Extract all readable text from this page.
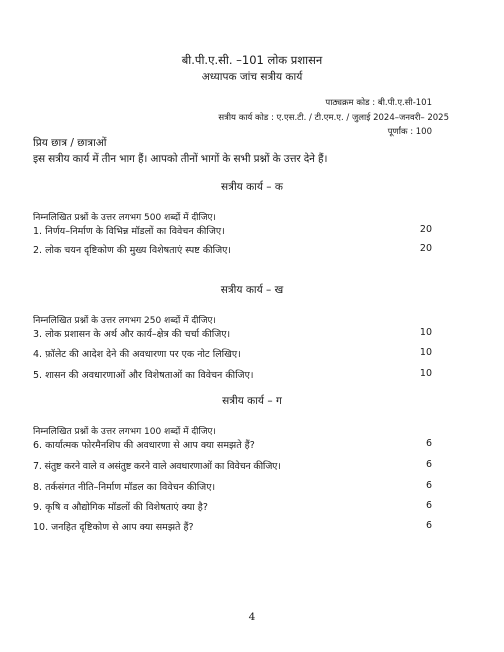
बी.पी.ए.सी. –101 लोक प्रशासन
अध्यापक जांच सत्रीय कार्य
पाठ्यक्रम कोड : बी.पी.ए.सी-101
सत्रीय कार्य कोड : ए.एस.टी. / टी.एम.ए. / जुलाई 2024–जनवरी– 2025
पूर्णांक : 100
प्रिय छात्र / छात्राओं
इस सत्रीय कार्य में तीन भाग हैं। आपको तीनों भागों के सभी प्रश्नों के उत्तर देने हैं।
सत्रीय कार्य – क
निम्नलिखित प्रश्नों के उत्तर लगभग 500 शब्दों में दीजिए।
1. निर्णय–निर्माण के विभिन्न मॉडलों का विवेचन कीजिए।	20
2. लोक चयन दृष्टिकोण की मुख्य विशेषताएं स्पष्ट कीजिए।	20
सत्रीय कार्य – ख
निम्नलिखित प्रश्नों के उत्तर लगभग 250 शब्दों में दीजिए।
3. लोक प्रशासन के अर्थ और कार्य–क्षेत्र की चर्चा कीजिए।	10
4. फ़ॉलेट की आदेश देने की अवधारणा पर एक नोट लिखिए।	10
5. शासन की अवधारणाओं और विशेषताओं का विवेचन कीजिए।	10
सत्रीय कार्य – ग
निम्नलिखित प्रश्नों के उत्तर लगभग 100 शब्दों में दीजिए।
6. कार्यात्मक फोरमैनशिप की अवधारणा से आप क्या समझते हैं?	6
7. संतुष्ट करने वाले व असंतुष्ट करने वाले अवधारणाओं का विवेचन कीजिए।	6
8. तर्कसंगत नीति–निर्माण मॉडल का विवेचन कीजिए।	6
9. कृषि व औद्योगिक मॉडलों की विशेषताएं क्या है?	6
10. जनहित दृष्टिकोण से आप क्या समझते हैं?	6
4
